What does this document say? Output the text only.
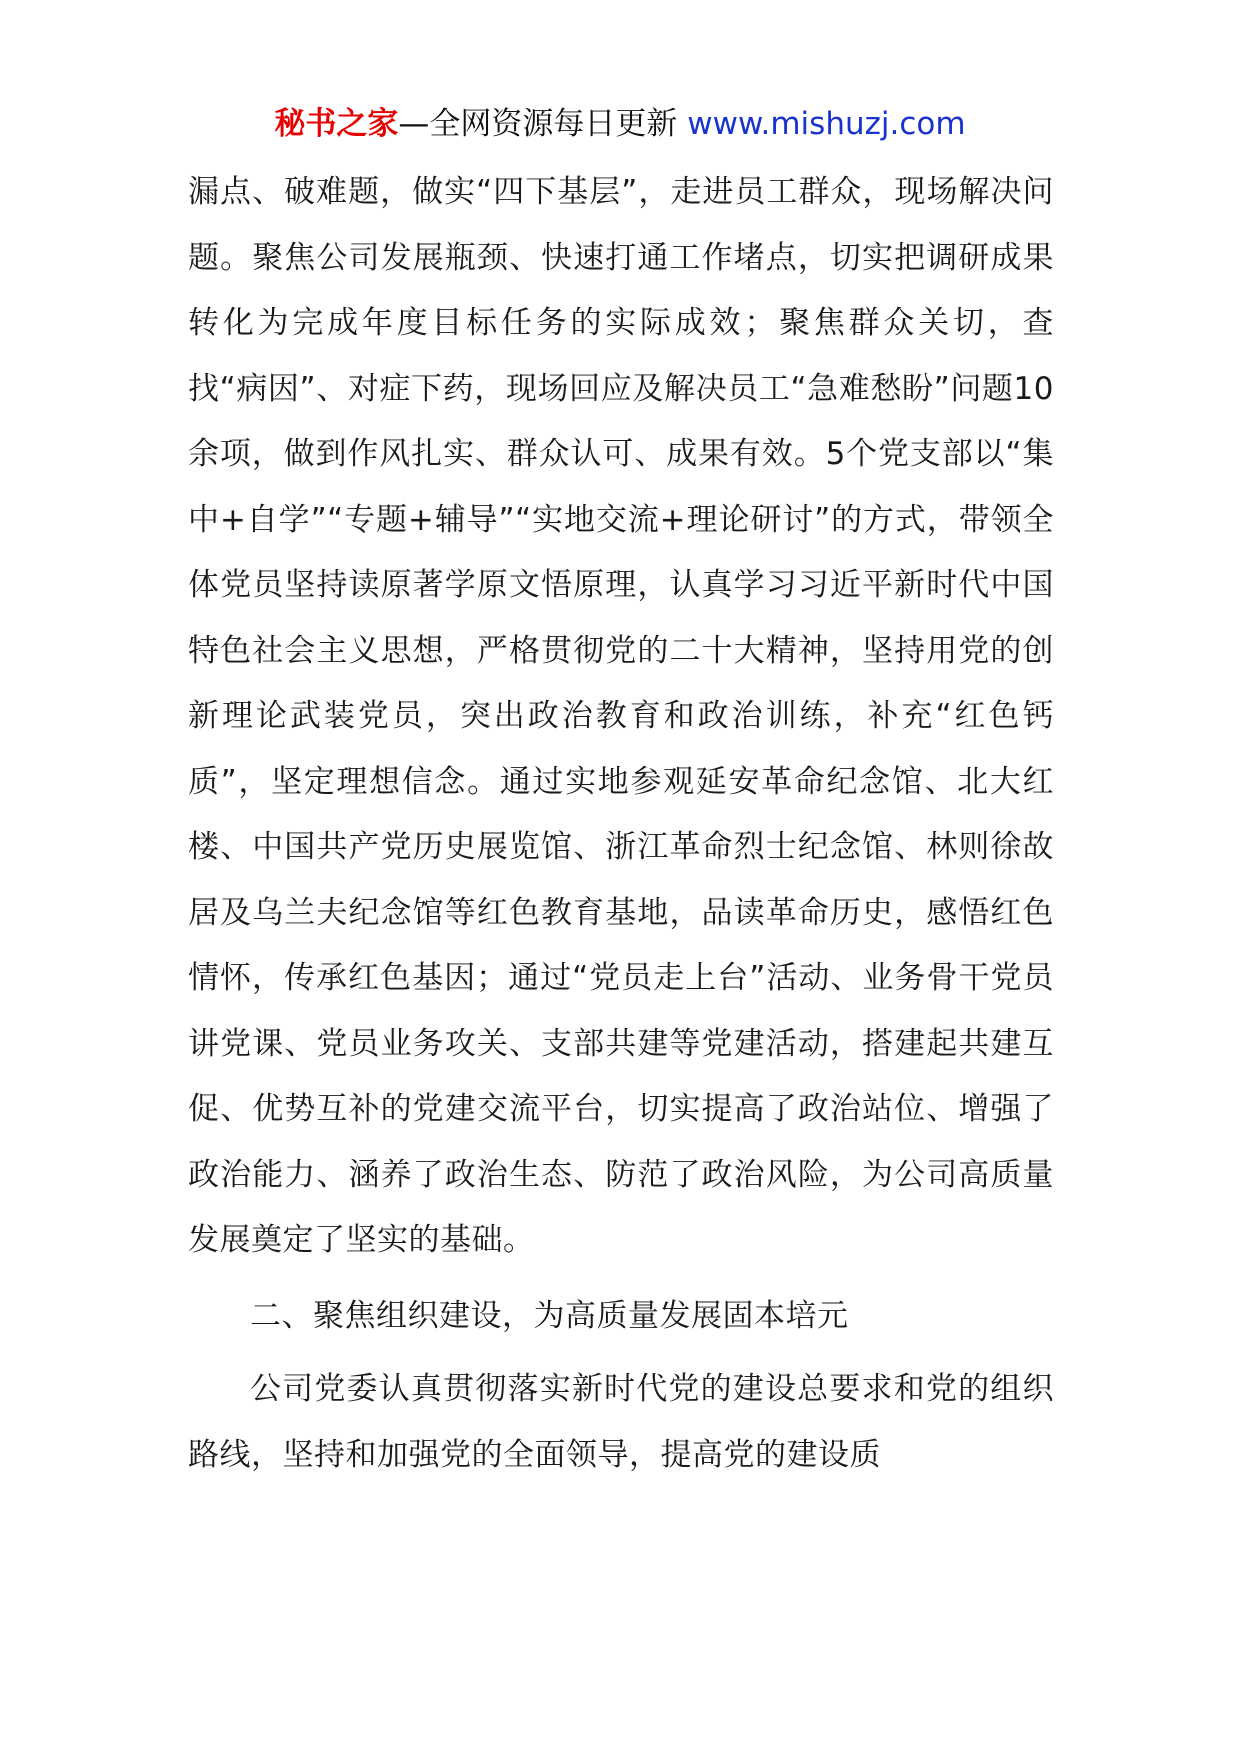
秘书之家—全网资源每日更新 www.mishuzj.com

漏点、破难题，做实“四下基层”，走进员工群众，现场解决问题。聚焦公司发展瓶颈、快速打通工作堵点，切实把调研成果转化为完成年度目标任务的实际成效；聚焦群众关切，查找“病因”、对症下药，现场回应及解决员工“急难愁盼”问题10余项，做到作风扎实、群众认可、成果有效。5个党支部以“集中+自学”“专题+辅导”“实地交流+理论研讨”的方式，带领全体党员坚持读原著学原文悟原理，认真学习习近平新时代中国特色社会主义思想，严格贯彻党的二十大精神，坚持用党的创新理论武装党员，突出政治教育和政治训练，补充“红色钙质”，坚定理想信念。通过实地参观延安革命纪念馆、北大红楼、中国共产党历史展览馆、浙江革命烈士纪念馆、林则徐故居及乌兰夫纪念馆等红色教育基地，品读革命历史，感悟红色情怀，传承红色基因；通过“党员走上台”活动、业务骨干党员讲党课、党员业务攻关、支部共建等党建活动，搭建起共建互促、优势互补的党建交流平台，切实提高了政治站位、增强了政治能力、涵养了政治生态、防范了政治风险，为公司高质量发展奠定了坚实的基础。

二、聚焦组织建设，为高质量发展固本培元

公司党委认真贯彻落实新时代党的建设总要求和党的组织路线，坚持和加强党的全面领导，提高党的建设质
